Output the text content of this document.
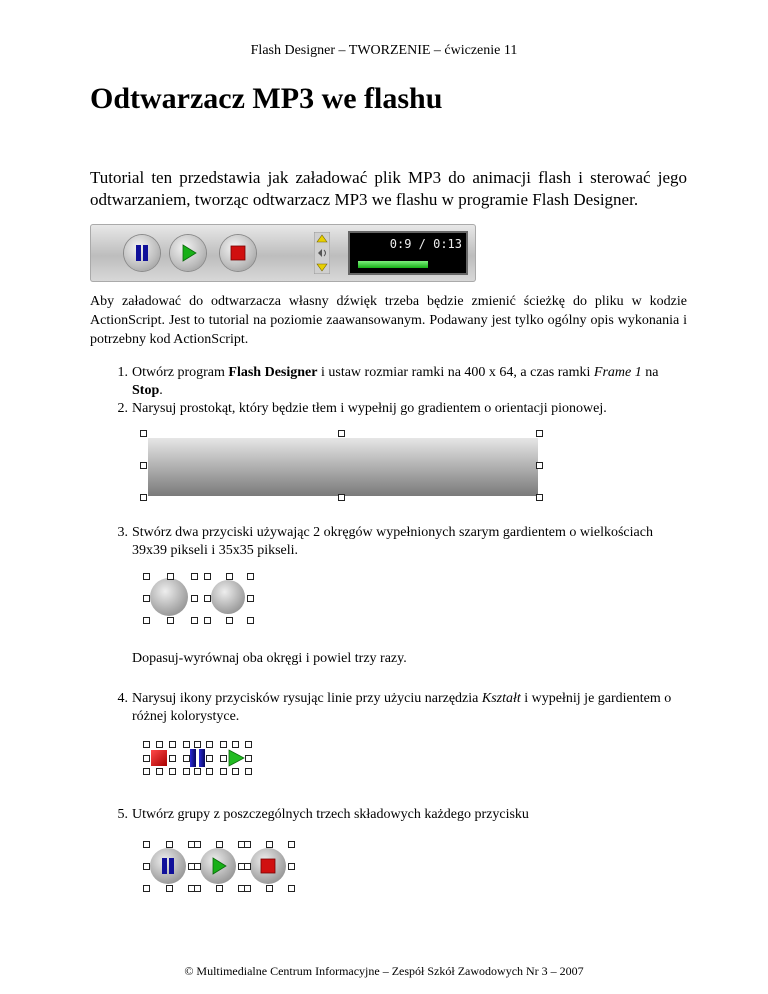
Flash Designer – TWORZENIE – ćwiczenie 11
Odtwarzacz MP3 we flashu
Tutorial ten przedstawia jak załadować plik MP3 do animacji flash i sterować jego odtwarzaniem, tworząc odtwarzacz MP3 we flashu w programie Flash Designer.
0:9 / 0:13
Aby załadować do odtwarzacza własny dźwięk trzeba będzie zmienić ścieżkę do pliku w kodzie ActionScript. Jest to tutorial na poziomie zaawansowanym. Podawany jest tylko ogólny opis wykonania i potrzebny kod ActionScript.
1. Otwórz program Flash Designer i ustaw rozmiar ramki na 400 x 64, a czas ramki Frame 1 na Stop.
2. Narysuj prostokąt, który będzie tłem i wypełnij go gradientem o orientacji pionowej.
3. Stwórz dwa przyciski używając 2 okręgów wypełnionych szarym gardientem o wielkościach 39x39 pikseli i 35x35 pikseli.
Dopasuj-wyrównaj oba okręgi i powiel trzy razy.
4. Narysuj ikony przycisków rysując linie przy użyciu narzędzia Kształt i wypełnij je gardientem o różnej kolorystyce.
5. Utwórz grupy z poszczególnych trzech składowych każdego przycisku
© Multimedialne Centrum Informacyjne – Zespół Szkół Zawodowych Nr 3 – 2007
